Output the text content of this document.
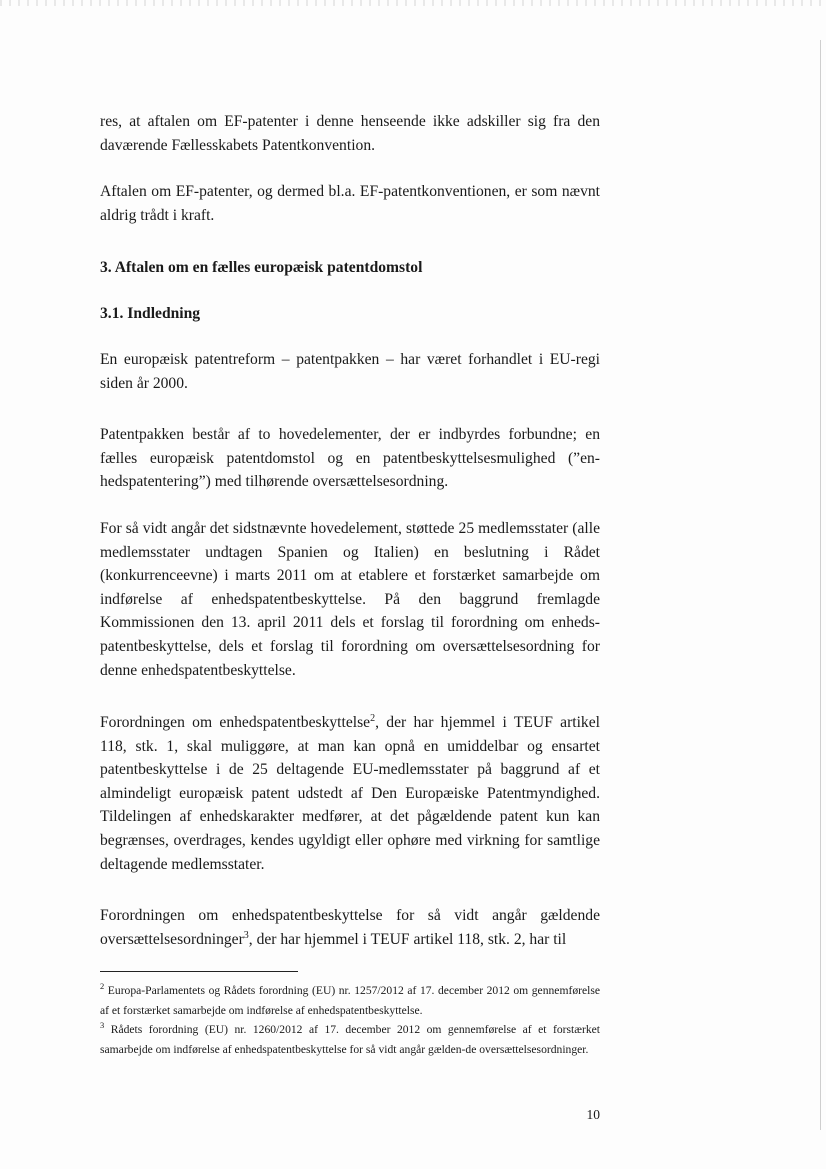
res, at aftalen om EF-patenter i denne henseende ikke adskiller sig fra den daværende Fællesskabets Patentkonvention.
Aftalen om EF-patenter, og dermed bl.a. EF-patentkonventionen, er som nævnt aldrig trådt i kraft.
3. Aftalen om en fælles europæisk patentdomstol
3.1. Indledning
En europæisk patentreform – patentpakken – har været forhandlet i EU-regi siden år 2000.
Patentpakken består af to hovedelementer, der er indbyrdes forbundne; en fælles europæisk patentdomstol og en patentbeskyttelsesmulighed (”en-hedspatentering”) med tilhørende oversættelsesordning.
For så vidt angår det sidstnævnte hovedelement, støttede 25 medlemsstater (alle medlemsstater undtagen Spanien og Italien) en beslutning i Rådet (konkurrenceevne) i marts 2011 om at etablere et forstærket samarbejde om indførelse af enhedspatentbeskyttelse. På den baggrund fremlagde Kommissionen den 13. april 2011 dels et forslag til forordning om enheds-patentbeskyttelse, dels et forslag til forordning om oversættelsesordning for denne enhedspatentbeskyttelse.
Forordningen om enhedspatentbeskyttelse$^2$, der har hjemmel i TEUF artikel 118, stk. 1, skal muliggøre, at man kan opnå en umiddelbar og ensartet patentbeskyttelse i de 25 deltagende EU-medlemsstater på baggrund af et almindeligt europæisk patent udstedt af Den Europæiske Patentmyndighed. Tildelingen af enhedskarakter medfører, at det pågældende patent kun kan begrænses, overdrages, kendes ugyldigt eller ophøre med virkning for samtlige deltagende medlemsstater.
Forordningen om enhedspatentbeskyttelse for så vidt angår gældende oversættelsesordninger$^3$, der har hjemmel i TEUF artikel 118, stk. 2, har til
$^2$ Europa-Parlamentets og Rådets forordning (EU) nr. 1257/2012 af 17. december 2012 om gennemførelse af et forstærket samarbejde om indførelse af enhedspatentbeskyttelse.
$^3$ Rådets forordning (EU) nr. 1260/2012 af 17. december 2012 om gennemførelse af et forstærket samarbejde om indførelse af enhedspatentbeskyttelse for så vidt angår gælden-de oversættelsesordninger.
10
